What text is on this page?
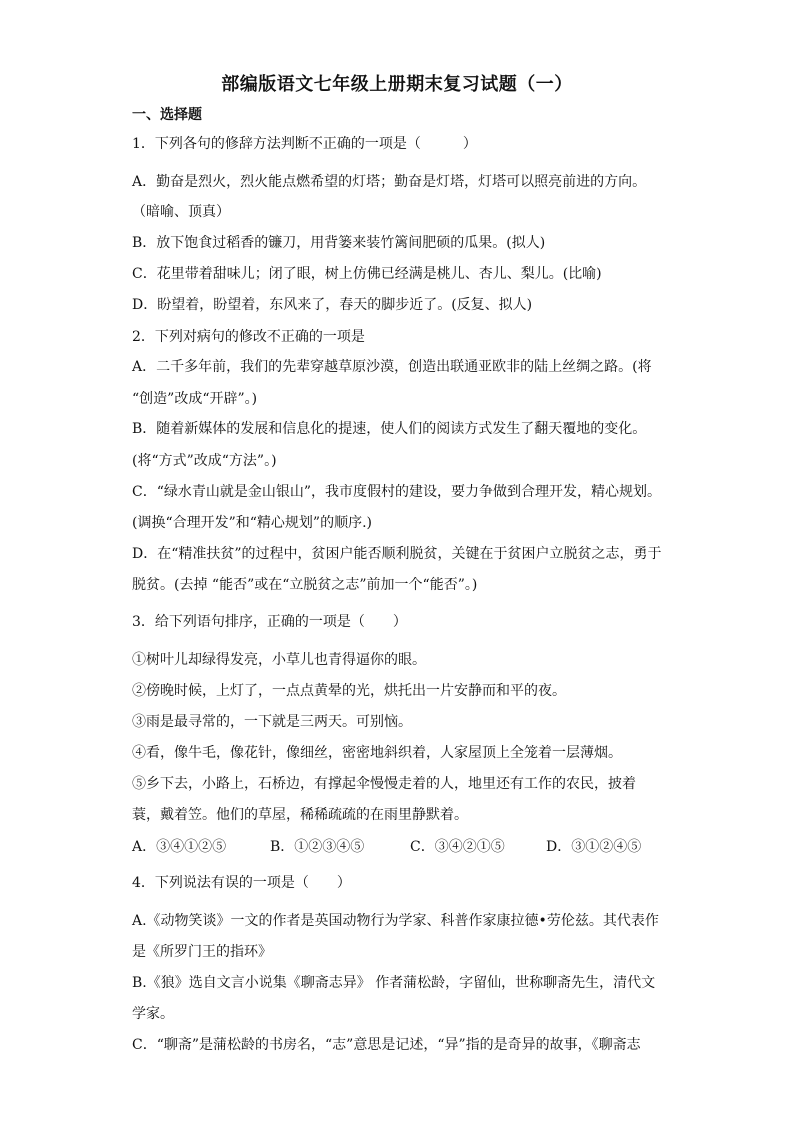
部编版语文七年级上册期末复习试题（一）
一、选择题
1．下列各句的修辞方法判断不正确的一项是（　　　）
A．勤奋是烈火，烈火能点燃希望的灯塔；勤奋是灯塔，灯塔可以照亮前进的方向。
（暗喻、顶真）
B．放下饱食过稻香的镰刀，用背篓来装竹篱间肥硕的瓜果。(拟人)
C．花里带着甜味儿；闭了眼，树上仿佛已经满是桃儿、杏儿、梨儿。(比喻)
D．盼望着，盼望着，东风来了，春天的脚步近了。(反复、拟人)
2．下列对病句的修改不正确的一项是
A．二千多年前，我们的先辈穿越草原沙漠，创造出联通亚欧非的陆上丝绸之路。(将
“创造”改成“开辟”。)
B．随着新媒体的发展和信息化的提速，使人们的阅读方式发生了翻天覆地的变化。
(将“方式”改成“方法”。)
C．“绿水青山就是金山银山”，我市度假村的建设，要力争做到合理开发，精心规划。
(调换“合理开发”和“精心规划”的顺序.)
D．在“精准扶贫”的过程中，贫困户能否顺利脱贫，关键在于贫困户立脱贫之志，勇于
脱贫。(去掉 “能否”或在“立脱贫之志”前加一个“能否”。)
3．给下列语句排序，正确的一项是（　　）
①树叶儿却绿得发亮，小草儿也青得逼你的眼。
②傍晚时候，上灯了，一点点黄晕的光，烘托出一片安静而和平的夜。
③雨是最寻常的，一下就是三两天。可别恼。
④看，像牛毛，像花针，像细丝，密密地斜织着，人家屋顶上全笼着一层薄烟。
⑤乡下去，小路上，石桥边，有撑起伞慢慢走着的人，地里还有工作的农民，披着
蓑，戴着笠。他们的草屋，稀稀疏疏的在雨里静默着。
A．③④①②⑤	B．①②③④⑤	C．③④②①⑤	D．③①②④⑤
4．下列说法有误的一项是（　　）
A.《动物笑谈》一文的作者是英国动物行为学家、科普作家康拉德•劳伦兹。其代表作
是《所罗门王的指环》
B.《狼》选自文言小说集《聊斋志异》 作者蒲松龄，字留仙，世称聊斋先生，清代文
学家。
C．“聊斋”是蒲松龄的书房名，“志”意思是记述，“异”指的是奇异的故事，《聊斋志
